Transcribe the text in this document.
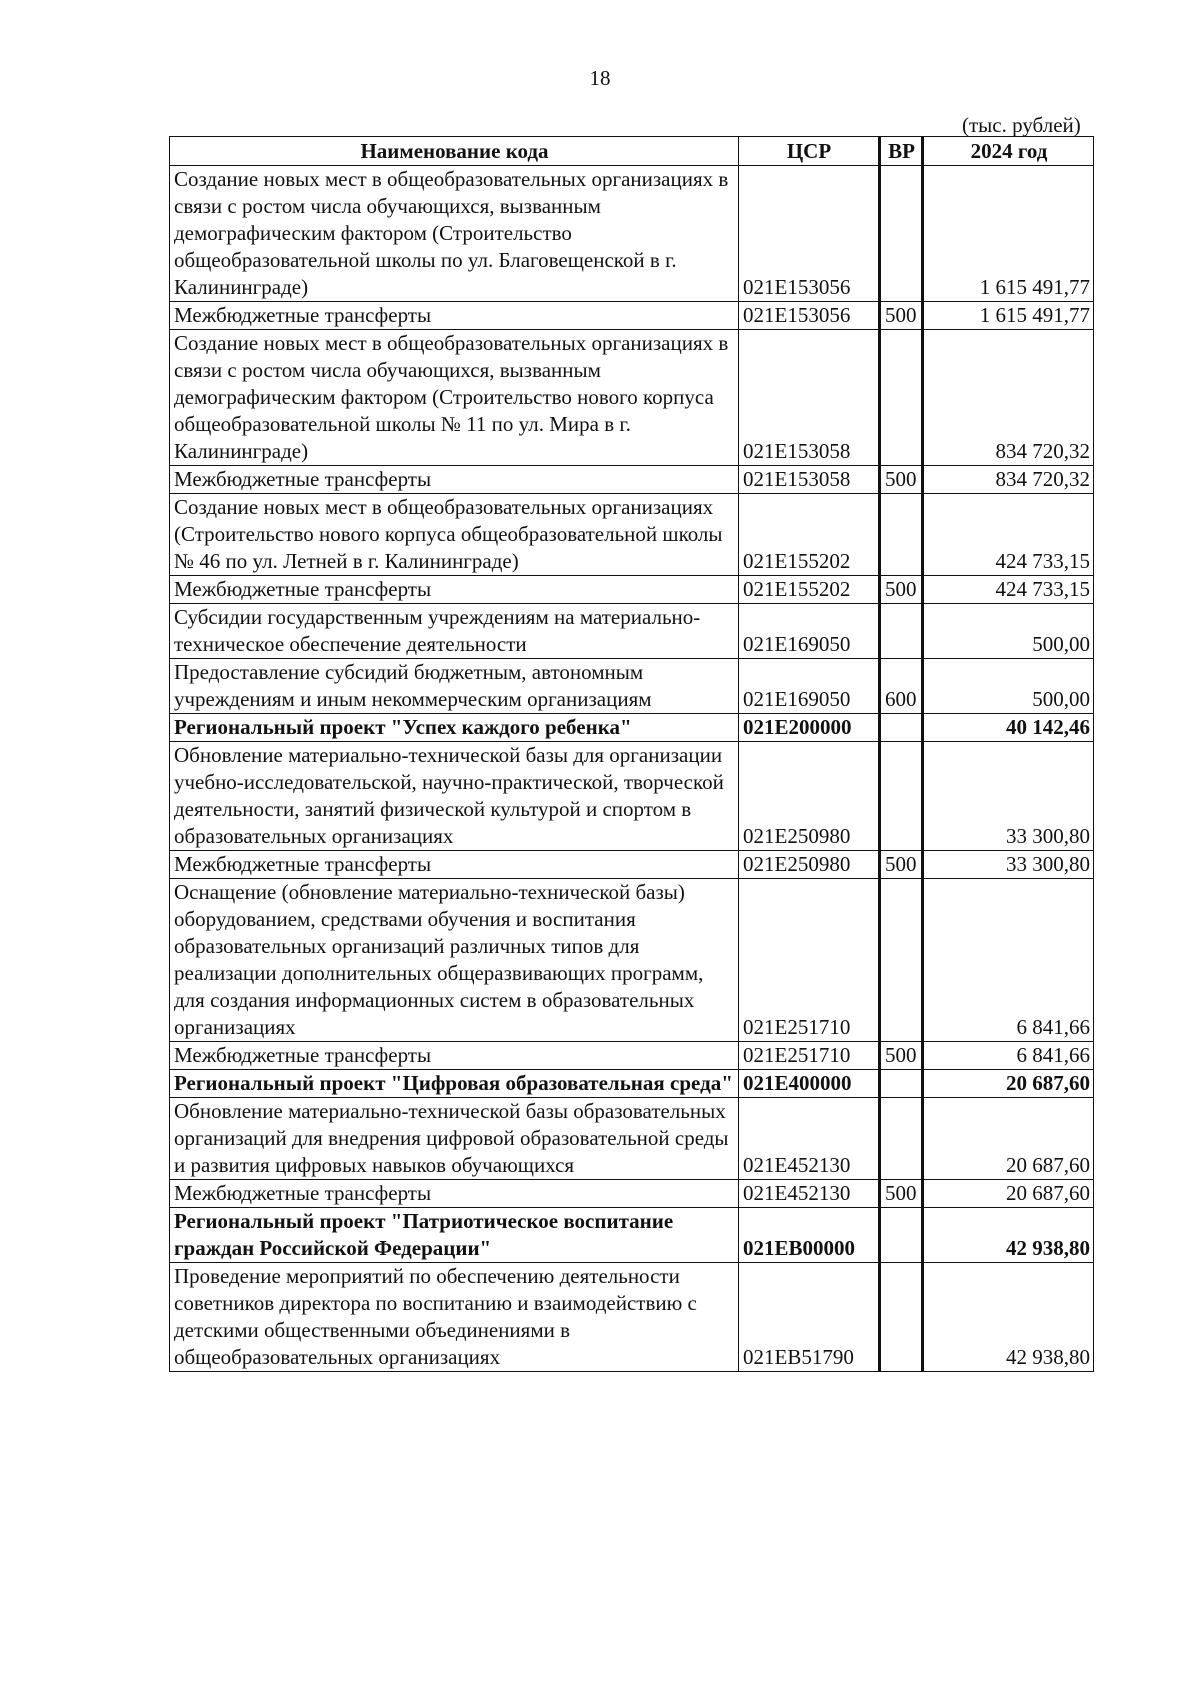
18
(тыс. рублей)
Наименование кода	ЦСР	ВР	2024 год
Создание новых мест в общеобразовательных организациях в связи с ростом числа обучающихся, вызванным демографическим фактором (Строительство общеобразовательной школы по ул. Благовещенской в г. Калининграде)	021Е153056		1 615 491,77
Межбюджетные трансферты	021Е153056	500	1 615 491,77
Создание новых мест в общеобразовательных организациях в связи с ростом числа обучающихся, вызванным демографическим фактором (Строительство нового корпуса общеобразовательной школы № 11 по ул. Мира в г. Калининграде)	021Е153058		834 720,32
Межбюджетные трансферты	021Е153058	500	834 720,32
Создание новых мест в общеобразовательных организациях (Строительство нового корпуса общеобразовательной школы № 46 по ул. Летней в г. Калининграде)	021Е155202		424 733,15
Межбюджетные трансферты	021Е155202	500	424 733,15
Субсидии государственным учреждениям на материально-техническое обеспечение деятельности	021Е169050		500,00
Предоставление субсидий бюджетным, автономным учреждениям и иным некоммерческим организациям	021Е169050	600	500,00
Региональный проект "Успех каждого ребенка"	021Е200000		40 142,46
Обновление материально-технической базы для организации учебно-исследовательской, научно-практической, творческой деятельности, занятий физической культурой и спортом в образовательных организациях	021Е250980		33 300,80
Межбюджетные трансферты	021Е250980	500	33 300,80
Оснащение (обновление материально-технической базы) оборудованием, средствами обучения и воспитания образовательных организаций различных типов для реализации дополнительных общеразвивающих программ, для создания информационных систем в образовательных организациях	021Е251710		6 841,66
Межбюджетные трансферты	021Е251710	500	6 841,66
Региональный проект "Цифровая образовательная среда"	021Е400000		20 687,60
Обновление материально-технической базы образовательных организаций для внедрения цифровой образовательной среды и развития цифровых навыков обучающихся	021Е452130		20 687,60
Межбюджетные трансферты	021Е452130	500	20 687,60
Региональный проект "Патриотическое воспитание граждан Российской Федерации"	021ЕВ00000		42 938,80
Проведение мероприятий по обеспечению деятельности советников директора по воспитанию и взаимодействию с детскими общественными объединениями в общеобразовательных организациях	021ЕВ51790		42 938,80
